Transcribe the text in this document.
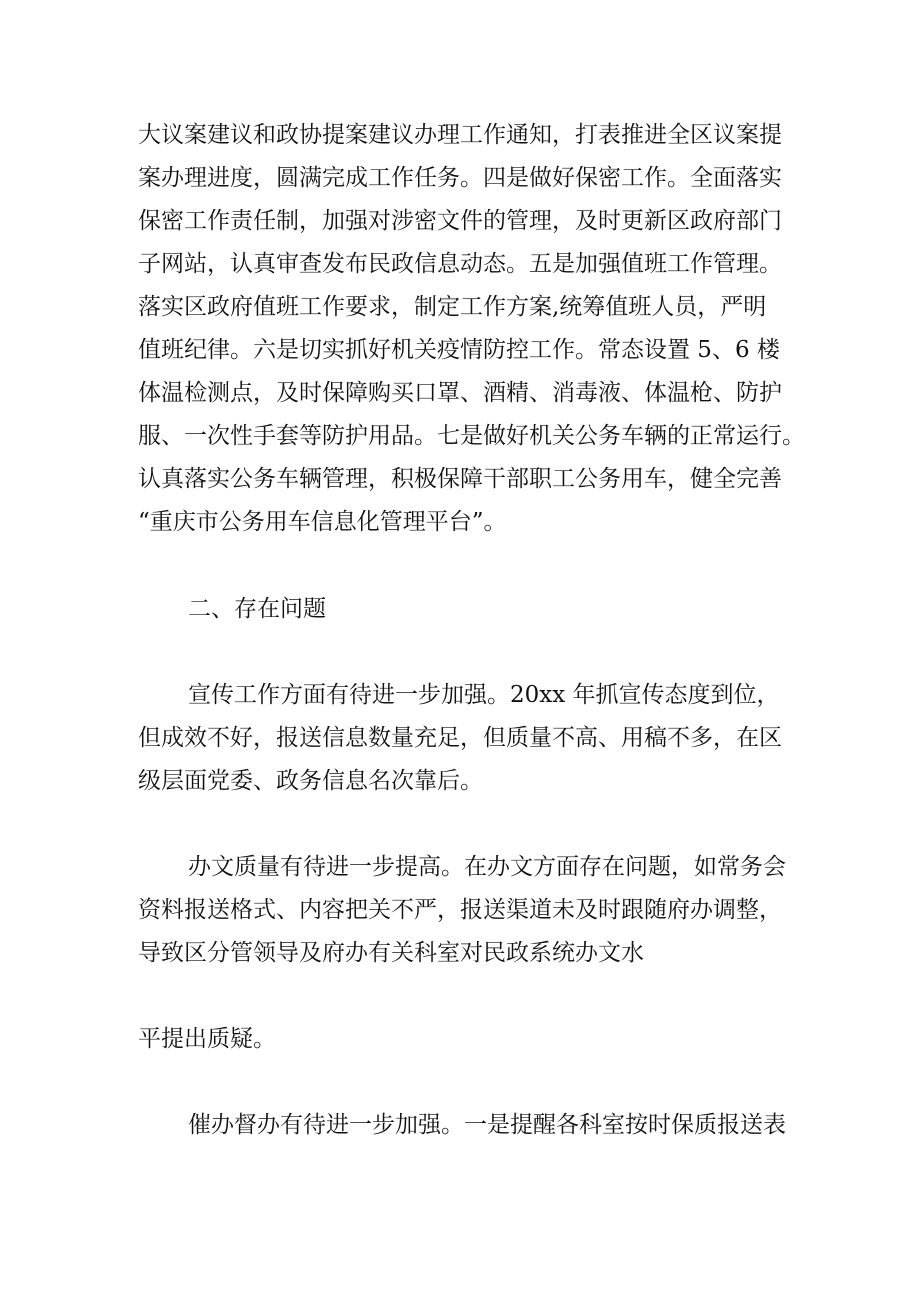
大议案建议和政协提案建议办理工作通知，打表推进全区议案提

案办理进度，圆满完成工作任务。四是做好保密工作。全面落实

保密工作责任制，加强对涉密文件的管理，及时更新区政府部门

子网站，认真审查发布民政信息动态。五是加强值班工作管理。

落实区政府值班工作要求，制定工作方案,统筹值班人员，严明

值班纪律。六是切实抓好机关疫情防控工作。常态设置 5、6 楼

体温检测点，及时保障购买口罩、酒精、消毒液、体温枪、防护

服、一次性手套等防护用品。七是做好机关公务车辆的正常运行。

认真落实公务车辆管理，积极保障干部职工公务用车，健全完善

“重庆市公务用车信息化管理平台”。

二、存在问题

宣传工作方面有待进一步加强。20xx 年抓宣传态度到位，

但成效不好，报送信息数量充足，但质量不高、用稿不多，在区

级层面党委、政务信息名次靠后。

办文质量有待进一步提高。在办文方面存在问题，如常务会

资料报送格式、内容把关不严，报送渠道未及时跟随府办调整，

导致区分管领导及府办有关科室对民政系统办文水

平提出质疑。

催办督办有待进一步加强。一是提醒各科室按时保质报送表
